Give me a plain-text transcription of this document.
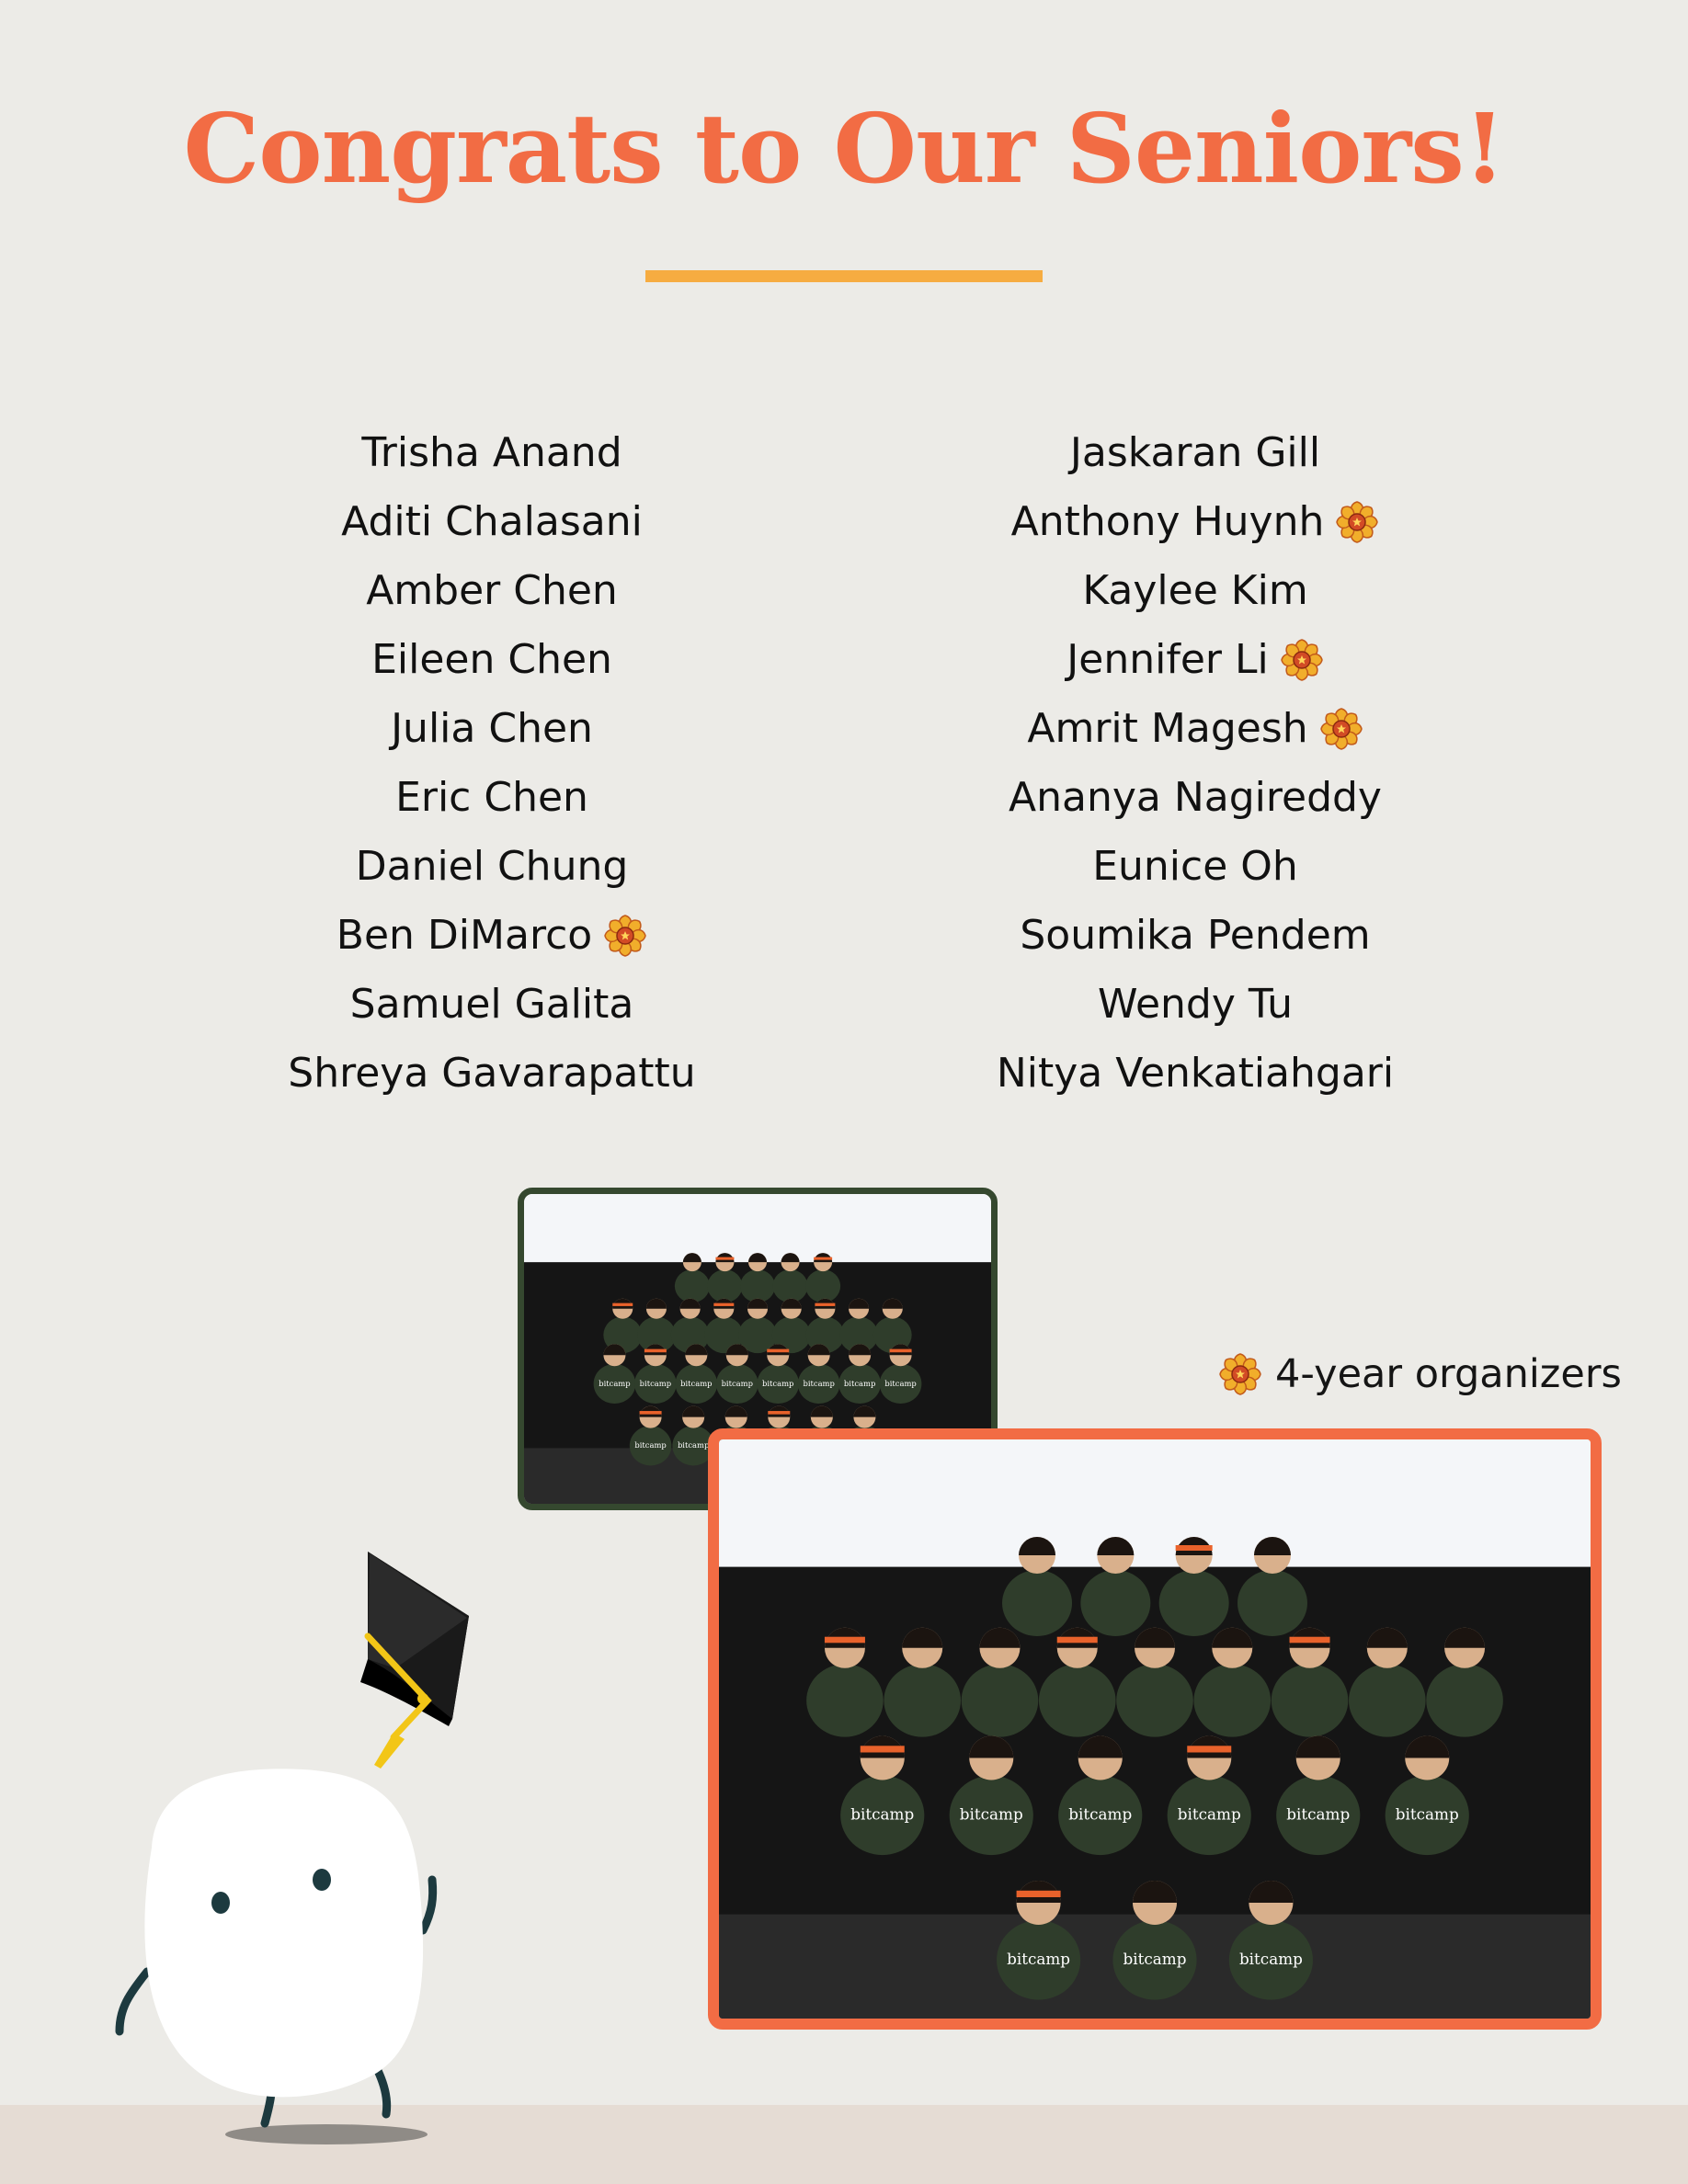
Congrats to Our Seniors!
Trisha Anand
Aditi Chalasani
Amber Chen
Eileen Chen
Julia Chen
Eric Chen
Daniel Chung
Ben DiMarco
Samuel Galita
Shreya Gavarapattu
Jaskaran Gill
Anthony Huynh
Kaylee Kim
Jennifer Li
Amrit Magesh
Ananya Nagireddy
Eunice Oh
Soumika Pendem
Wendy Tu
Nitya Venkatiahgari
4-year organizers
bitcamp bitcamp bitcamp bitcamp bitcamp bitcamp bitcamp bitcamp
bitcamp bitcamp
bitcamp	bitcamp	bitcamp	bitcamp	bitcamp	bitcamp
bitcamp	bitcamp	bitcamp
